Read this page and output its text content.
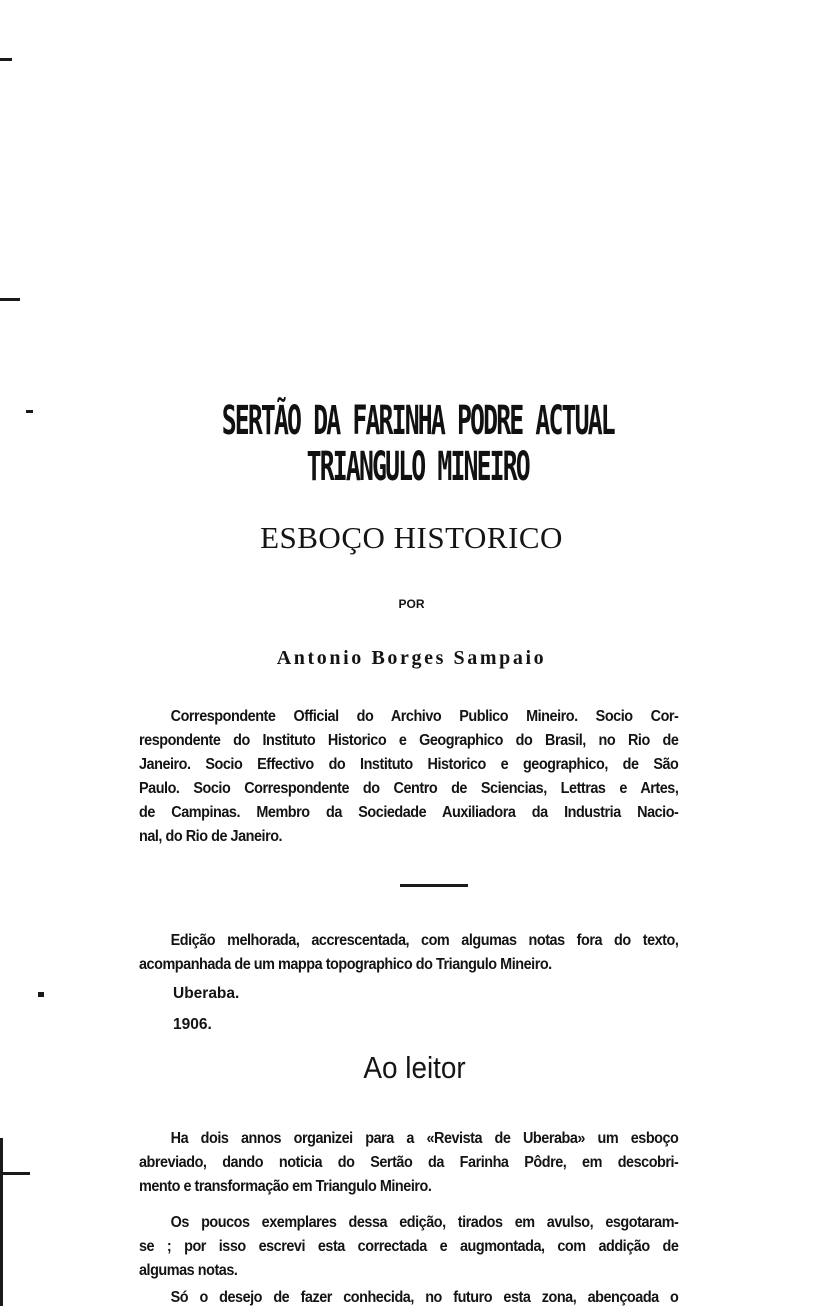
SERTÃO DA FARINHA PODRE ACTUAL TRIANGULO MINEIRO
ESBOÇO HISTORICO
POR
Antonio Borges Sampaio
Correspondente Official do Archivo Publico Mineiro. Socio Cor-
respondente do Instituto Historico e Geographico do Brasil, no Rio de
Janeiro. Socio Effectivo do Instituto Historico e geographico, de São
Paulo. Socio Correspondente do Centro de Sciencias, Lettras e Artes,
de Campinas. Membro da Sociedade Auxiliadora da Industria Nacio-
nal, do Rio de Janeiro.
Edição melhorada, accrescentada, com algumas notas fora do texto,
acompanhada de um mappa topographico do Triangulo Mineiro.
Uberaba.
1906.
Ao leitor
Ha dois annos organizei para a «Revista de Uberaba» um esboço
abreviado, dando noticia do Sertão da Farinha Pôdre, em descobri-
mento e transformação em Triangulo Mineiro.
Os poucos exemplares dessa edição, tirados em avulso, esgotaram-
se ; por isso escrevi esta correctada e augmontada, com addição de
algumas notas.
Só o desejo de fazer conhecida, no futuro esta zona, abençoada o
